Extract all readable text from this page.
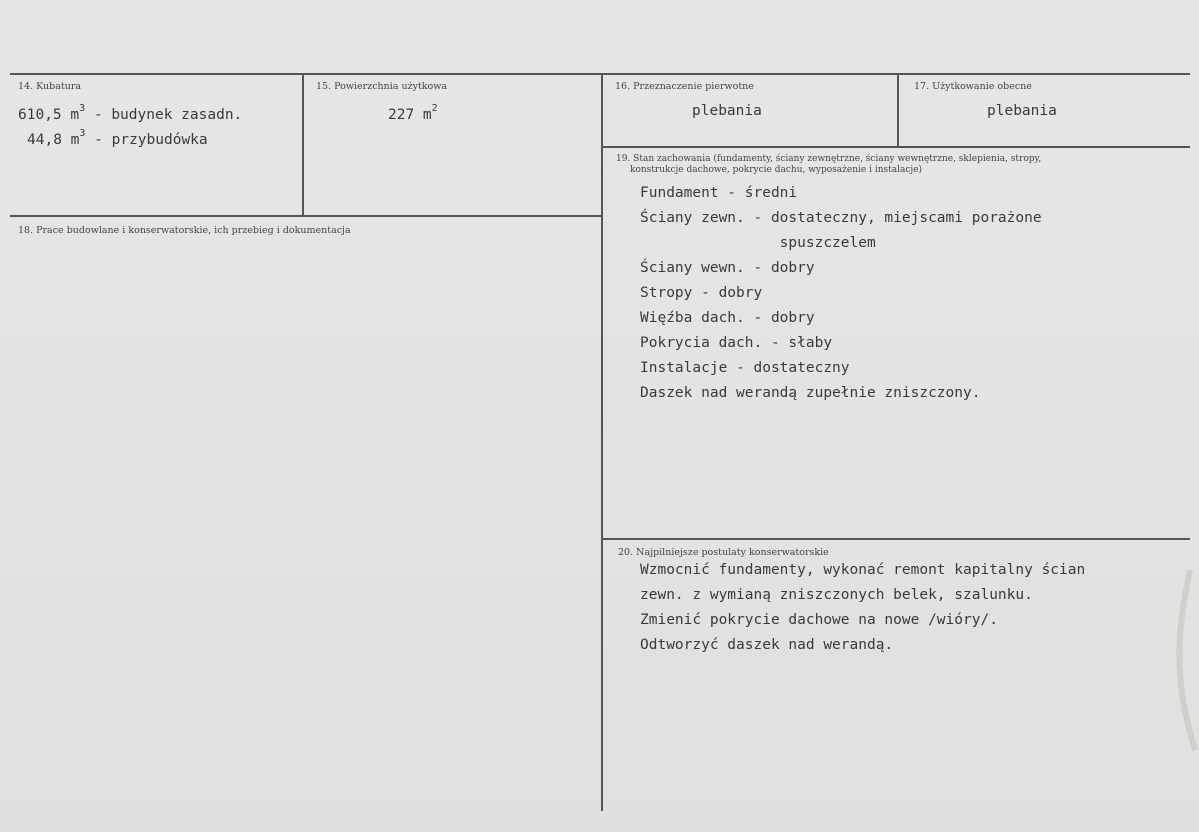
14. Kubatura
610,5 $m^3$ - budynek zasadn.
44,8 $m^3$ - przybudówka
15. Powierzchnia użytkowa
227 $m^2$
16. Przeznaczenie pierwotne
plebania
17. Użytkowanie obecne
plebania
18. Prace budowlane i konserwatorskie, ich przebieg i dokumentacja
19. Stan zachowania (fundamenty, ściany zewnętrzne, ściany wewnętrzne, sklepienia, stropy,
konstrukcje dachowe, pokrycie dachu, wyposażenie i instalacje)
Fundament - średni
Ściany zewn. - dostateczny, miejscami porażone
spuszczelem
Ściany wewn. - dobry
Stropy - dobry
Więźba dach. - dobry
Pokrycia dach. - słaby
Instalacje - dostateczny
Daszek nad werandą zupełnie zniszczony.
20. Najpilniejsze postulaty konserwatorskie
Wzmocnić fundamenty, wykonać remont kapitalny ścian
zewn. z wymianą zniszczonych belek, szalunku.
Zmienić pokrycie dachowe na nowe /wióry/.
Odtworzyć daszek nad werandą.
